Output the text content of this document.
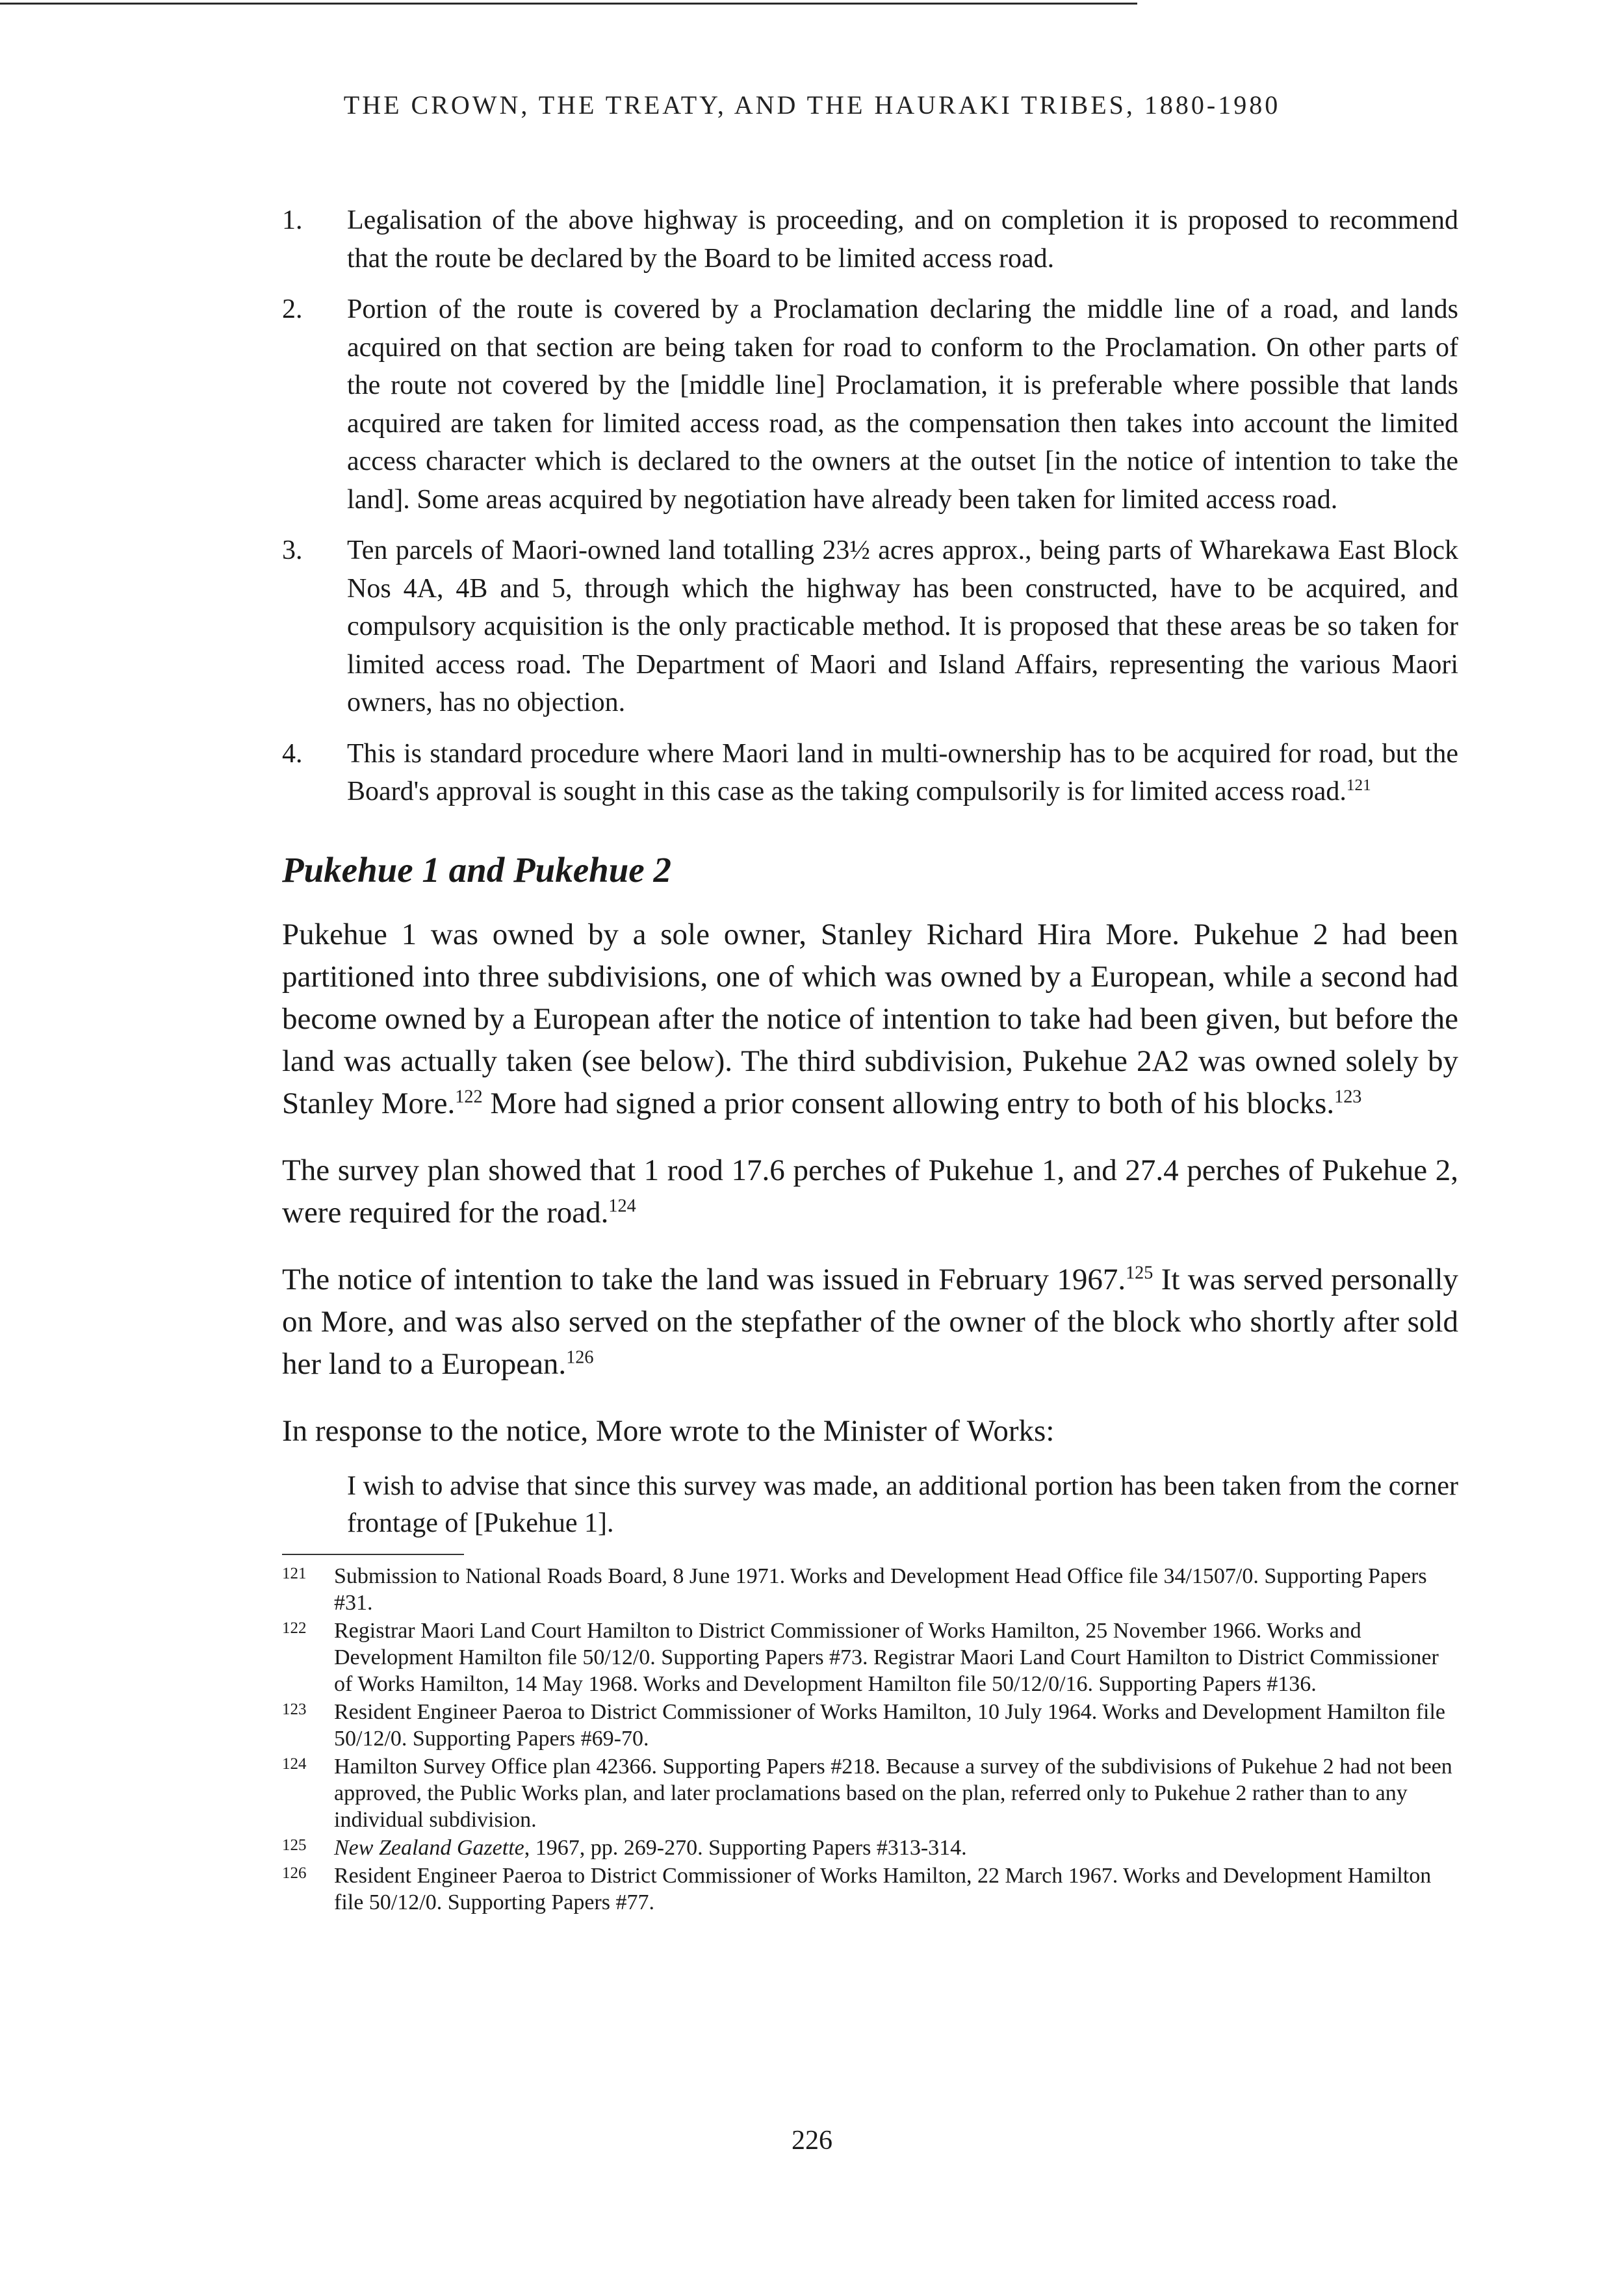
THE CROWN, THE TREATY, AND THE HAURAKI TRIBES, 1880-1980
1. Legalisation of the above highway is proceeding, and on completion it is proposed to recommend that the route be declared by the Board to be limited access road.
2. Portion of the route is covered by a Proclamation declaring the middle line of a road, and lands acquired on that section are being taken for road to conform to the Proclamation. On other parts of the route not covered by the [middle line] Proclamation, it is preferable where possible that lands acquired are taken for limited access road, as the compensation then takes into account the limited access character which is declared to the owners at the outset [in the notice of intention to take the land]. Some areas acquired by negotiation have already been taken for limited access road.
3. Ten parcels of Maori-owned land totalling 23½ acres approx., being parts of Wharekawa East Block Nos 4A, 4B and 5, through which the highway has been constructed, have to be acquired, and compulsory acquisition is the only practicable method. It is proposed that these areas be so taken for limited access road. The Department of Maori and Island Affairs, representing the various Maori owners, has no objection.
4. This is standard procedure where Maori land in multi-ownership has to be acquired for road, but the Board's approval is sought in this case as the taking compulsorily is for limited access road.$^{121}$
Pukehue 1 and Pukehue 2

Pukehue 1 was owned by a sole owner, Stanley Richard Hira More. Pukehue 2 had been partitioned into three subdivisions, one of which was owned by a European, while a second had become owned by a European after the notice of intention to take had been given, but before the land was actually taken (see below). The third subdivision, Pukehue 2A2 was owned solely by Stanley More.$^{122}$ More had signed a prior consent allowing entry to both of his blocks.$^{123}$

The survey plan showed that 1 rood 17.6 perches of Pukehue 1, and 27.4 perches of Pukehue 2, were required for the road.$^{124}$

The notice of intention to take the land was issued in February 1967.$^{125}$ It was served personally on More, and was also served on the stepfather of the owner of the block who shortly after sold her land to a European.$^{126}$

In response to the notice, More wrote to the Minister of Works:

I wish to advise that since this survey was made, an additional portion has been taken from the corner frontage of [Pukehue 1].

121 Submission to National Roads Board, 8 June 1971. Works and Development Head Office file 34/1507/0. Supporting Papers #31.
122 Registrar Maori Land Court Hamilton to District Commissioner of Works Hamilton, 25 November 1966. Works and Development Hamilton file 50/12/0. Supporting Papers #73. Registrar Maori Land Court Hamilton to District Commissioner of Works Hamilton, 14 May 1968. Works and Development Hamilton file 50/12/0/16. Supporting Papers #136.
123 Resident Engineer Paeroa to District Commissioner of Works Hamilton, 10 July 1964. Works and Development Hamilton file 50/12/0. Supporting Papers #69-70.
124 Hamilton Survey Office plan 42366. Supporting Papers #218. Because a survey of the subdivisions of Pukehue 2 had not been approved, the Public Works plan, and later proclamations based on the plan, referred only to Pukehue 2 rather than to any individual subdivision.
125 New Zealand Gazette, 1967, pp. 269-270. Supporting Papers #313-314.
126 Resident Engineer Paeroa to District Commissioner of Works Hamilton, 22 March 1967. Works and Development Hamilton file 50/12/0. Supporting Papers #77.
226
